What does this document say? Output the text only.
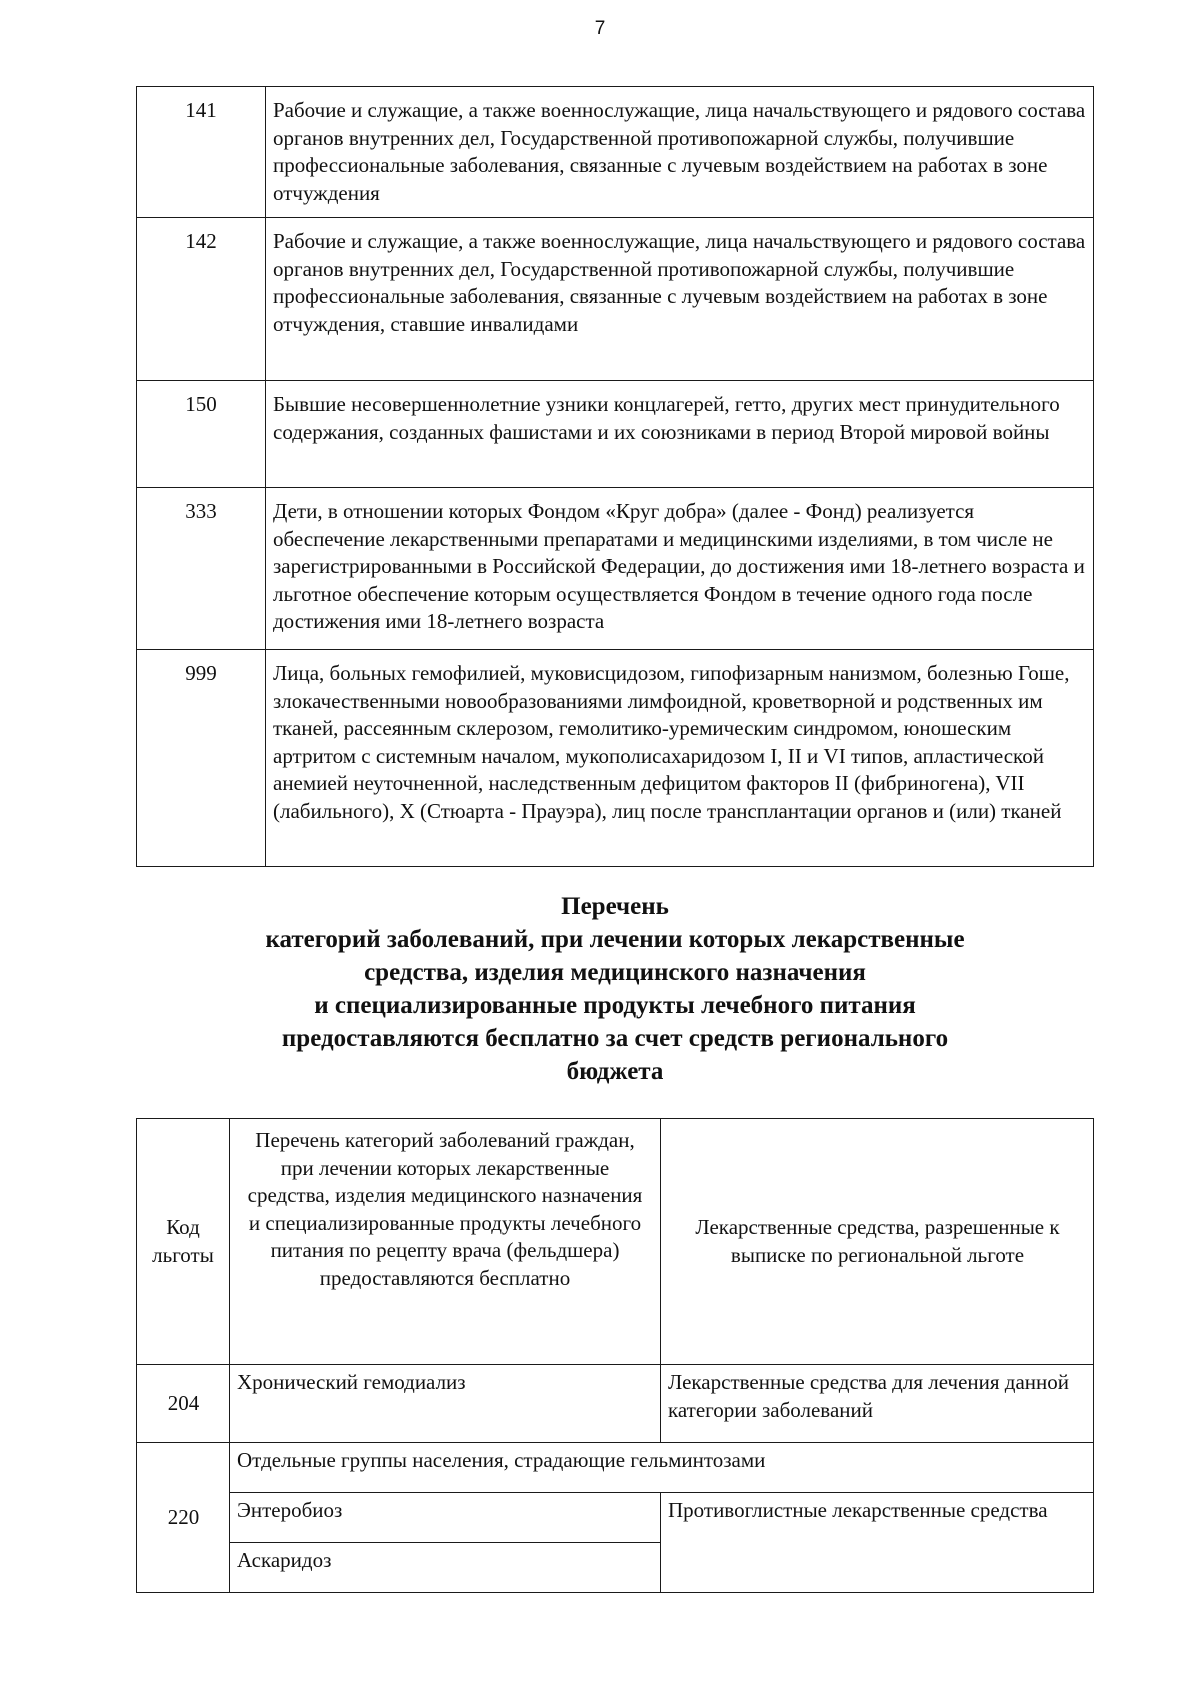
7
141	Рабочие и служащие, а также военнослужащие, лица начальствующего и рядового состава органов внутренних дел, Государственной противопожарной службы, получившие профессиональные заболевания, связанные с лучевым воздействием на работах в зоне отчуждения
142	Рабочие и служащие, а также военнослужащие, лица начальствующего и рядового состава органов внутренних дел, Государственной противопожарной службы, получившие профессиональные заболевания, связанные с лучевым воздействием на работах в зоне отчуждения, ставшие инвалидами
150	Бывшие несовершеннолетние узники концлагерей, гетто, других мест принудительного содержания, созданных фашистами и их союзниками в период Второй мировой войны
333	Дети, в отношении которых Фондом «Круг добра» (далее - Фонд) реализуется обеспечение лекарственными препаратами и медицинскими изделиями, в том числе не зарегистрированными в Российской Федерации, до достижения ими 18-летнего возраста и льготное обеспечение которым осуществляется Фондом в течение одного года после достижения ими 18-летнего возраста
999	Лица, больных гемофилией, муковисцидозом, гипофизарным нанизмом, болезнью Гоше, злокачественными новообразованиями лимфоидной, кроветворной и родственных им тканей, рассеянным склерозом, гемолитико-уремическим синдромом, юношеским артритом с системным началом, мукополисахаридозом I, II и VI типов, апластической анемией неуточненной, наследственным дефицитом факторов II (фибриногена), VII (лабильного), X (Стюарта - Прауэра), лиц после трансплантации органов и (или) тканей
Перечень
категорий заболеваний, при лечении которых лекарственные
средства, изделия медицинского назначения
и специализированные продукты лечебного питания
предоставляются бесплатно за счет средств регионального
бюджета
Код льготы	Перечень категорий заболеваний граждан, при лечении которых лекарственные средства, изделия медицинского назначения и специализированные продукты лечебного питания по рецепту врача (фельдшера) предоставляются бесплатно	Лекарственные средства, разрешенные к выписке по региональной льготе
204	Хронический гемодиализ	Лекарственные средства для лечения данной категории заболеваний
220	Отдельные группы населения, страдающие гельминтозами	
	Энтеробиоз	Противоглистные лекарственные средства
	Аскаридоз	
